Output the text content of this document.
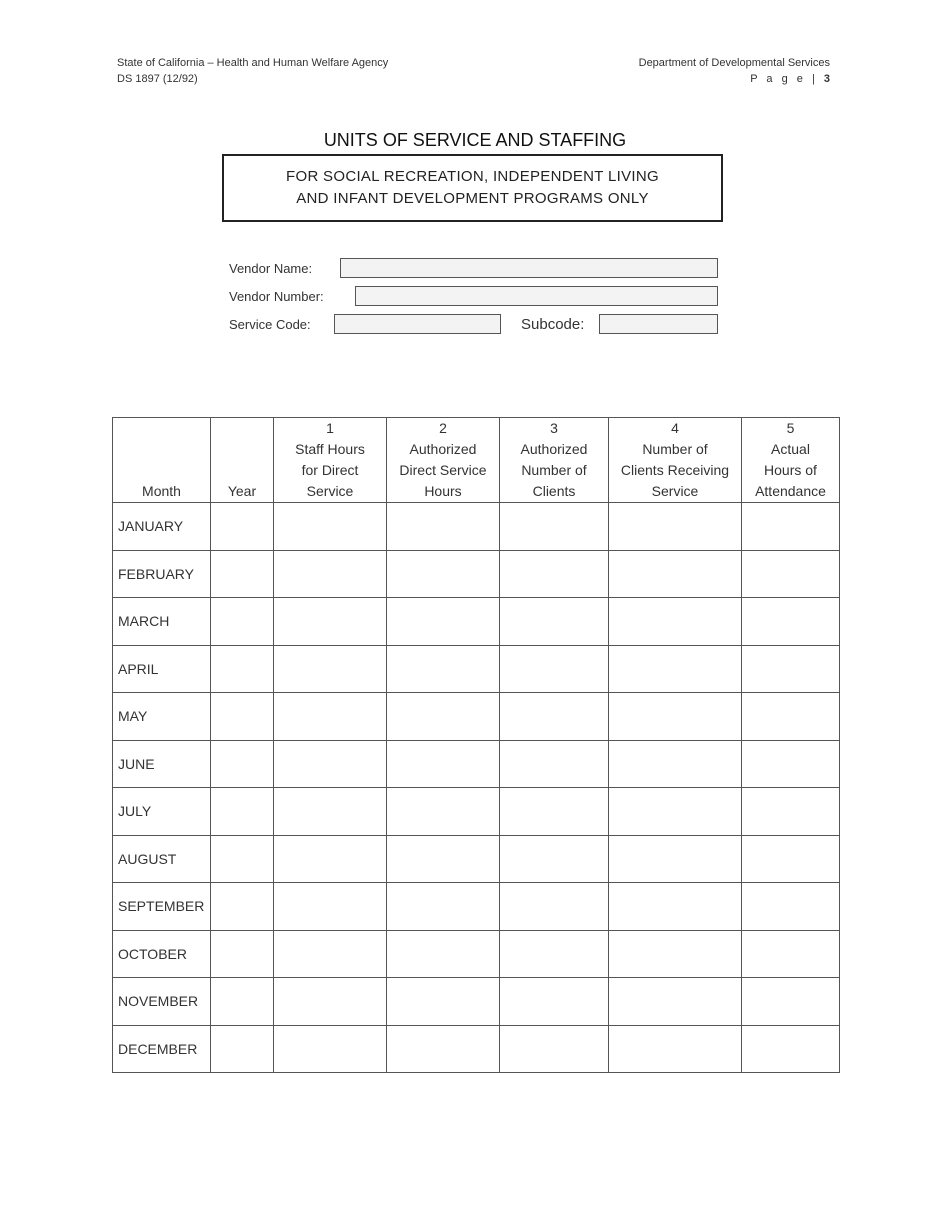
State of California – Health and Human Welfare Agency
DS 1897 (12/92)
Department of Developmental Services
P a g e | 3
UNITS OF SERVICE AND STAFFING
FOR SOCIAL RECREATION, INDEPENDENT LIVING
AND INFANT DEVELOPMENT PROGRAMS ONLY
Vendor Name:
Vendor Number:
Service Code:	Subcode:
Month	Year	1
Staff Hours
for Direct
Service	2
Authorized
Direct Service
Hours	3
Authorized
Number of
Clients	4
Number of
Clients Receiving
Service	5
Actual
Hours of
Attendance

JANUARY						
FEBRUARY						
MARCH						
APRIL						
MAY						
JUNE						
JULY						
AUGUST						
SEPTEMBER						
OCTOBER						
NOVEMBER						
DECEMBER						
